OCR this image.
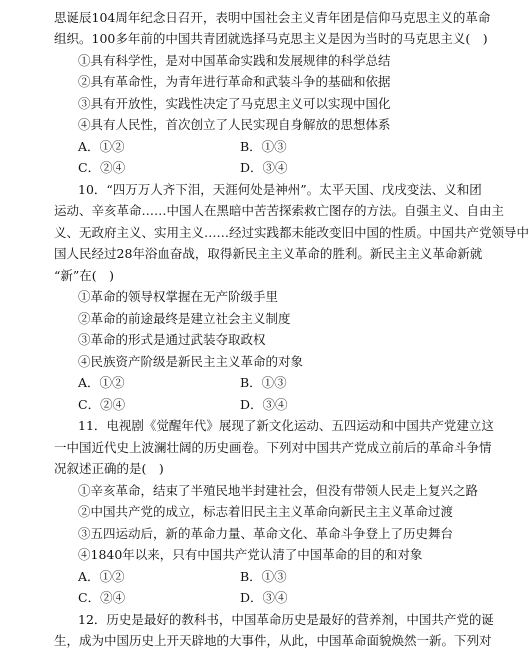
思诞辰104周年纪念日召开，表明中国社会主义青年团是信仰马克思主义的革命
组织。100多年前的中国共青团就选择马克思主义是因为当时的马克思主义(　)
①具有科学性，是对中国革命实践和发展规律的科学总结
②具有革命性，为青年进行革命和武装斗争的基础和依据
③具有开放性，实践性决定了马克思主义可以实现中国化
④具有人民性，首次创立了人民实现自身解放的思想体系
A．①②	B．①③
C．②④	D．③④
10．“四万万人齐下泪，天涯何处是神州”。太平天国、戊戌变法、义和团
运动、辛亥革命……中国人在黑暗中苦苦探索救亡图存的方法。自强主义、自由主
义、无政府主义、实用主义……经过实践都未能改变旧中国的性质。中国共产党领导中
国人民经过28年浴血奋战，取得新民主主义革命的胜利。新民主主义革命新就
“新”在(　)
①革命的领导权掌握在无产阶级手里
②革命的前途最终是建立社会主义制度
③革命的形式是通过武装夺取政权
④民族资产阶级是新民主主义革命的对象
A．①②	B．①③
C．②④	D．③④
11．电视剧《觉醒年代》展现了新文化运动、五四运动和中国共产党建立这
一中国近代史上波澜壮阔的历史画卷。下列对中国共产党成立前后的革命斗争情
况叙述正确的是(　)
①辛亥革命，结束了半殖民地半封建社会，但没有带领人民走上复兴之路
②中国共产党的成立，标志着旧民主主义革命向新民主主义革命过渡
③五四运动后，新的革命力量、革命文化、革命斗争登上了历史舞台
④1840年以来，只有中国共产党认清了中国革命的目的和对象
A．①②	B．①③
C．②④	D．③④
12．历史是最好的教科书，中国革命历史是最好的营养剂，中国共产党的诞
生，成为中国历史上开天辟地的大事件，从此，中国革命面貌焕然一新。下列对
